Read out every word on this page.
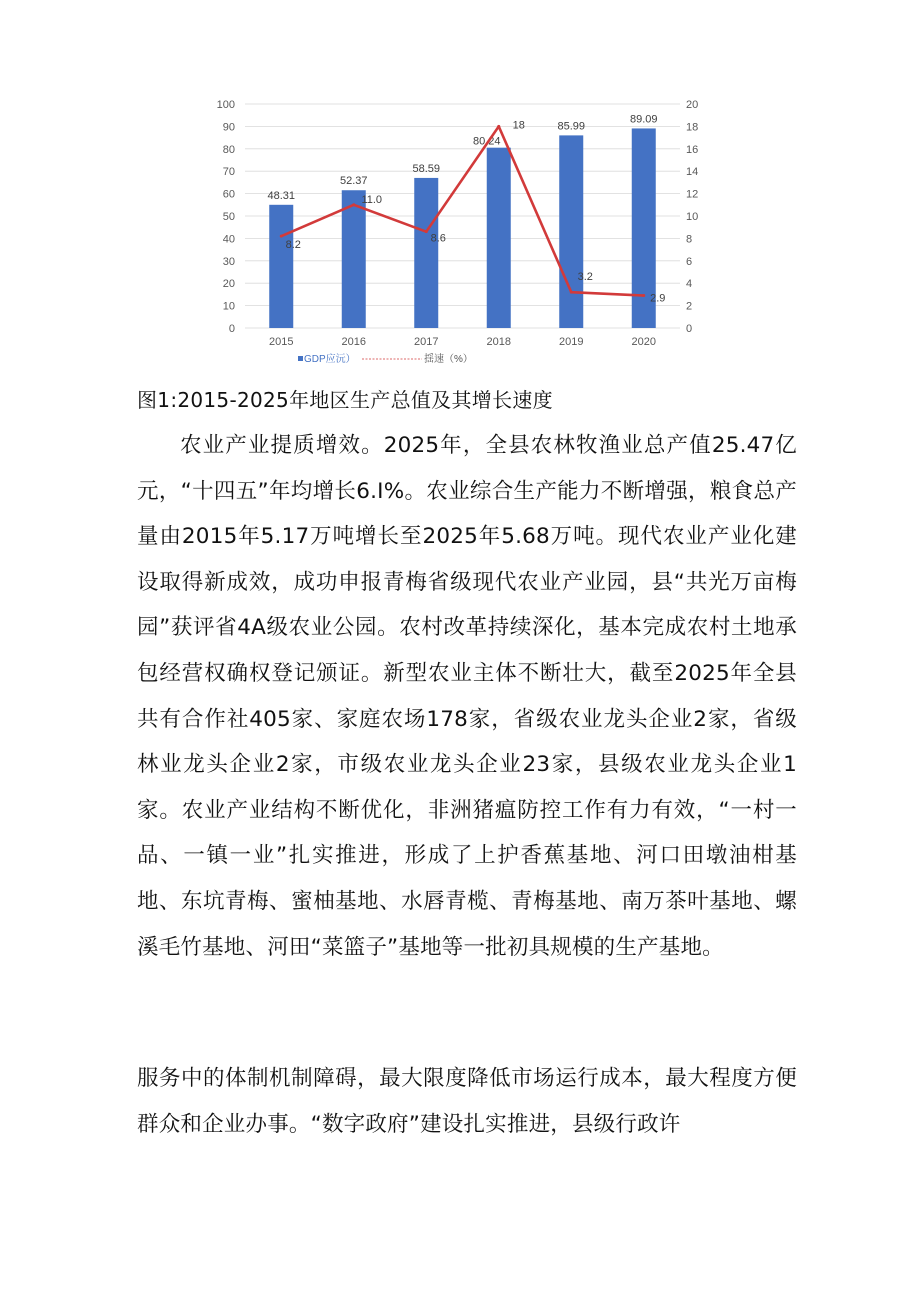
0
10
20
30
40
50
60
70
80
90
100
0
2
4
6
8
10
12
14
16
18
20
48.31
52.37
58.59
80.24
85.99
89.09
8.2
11.0
8.6
18
3.2
2.9
2015	2016	2017	2018	2019	2020
GDP应沅）	揺速（%）

图1:2015-2025年地区生产总值及其增长速度

农业产业提质增效。2025年，全县农林牧渔业总产值25.47亿元，“十四五”年均增长6.I%。农业综合生产能力不断增强，粮食总产量由2015年5.17万吨增长至2025年5.68万吨。现代农业产业化建设取得新成效，成功申报青梅省级现代农业产业园，县“共光万亩梅园”获评省4A级农业公园。农村改革持续深化，基本完成农村土地承包经营权确权登记颁证。新型农业主体不断壮大，截至2025年全县共有合作社405家、家庭农场178家，省级农业龙头企业2家，省级林业龙头企业2家，市级农业龙头企业23家，县级农业龙头企业1家。农业产业结构不断优化，非洲猪瘟防控工作有力有效，“一村一品、一镇一业”扎实推进，形成了上护香蕉基地、河口田墩油柑基地、东坑青梅、蜜柚基地、水唇青榄、青梅基地、南万茶叶基地、螺溪毛竹基地、河田“菜篮子”基地等一批初具规模的生产基地。

服务中的体制机制障碍，最大限度降低市场运行成本，最大程度方便群众和企业办事。“数字政府”建设扎实推进，县级行政许
